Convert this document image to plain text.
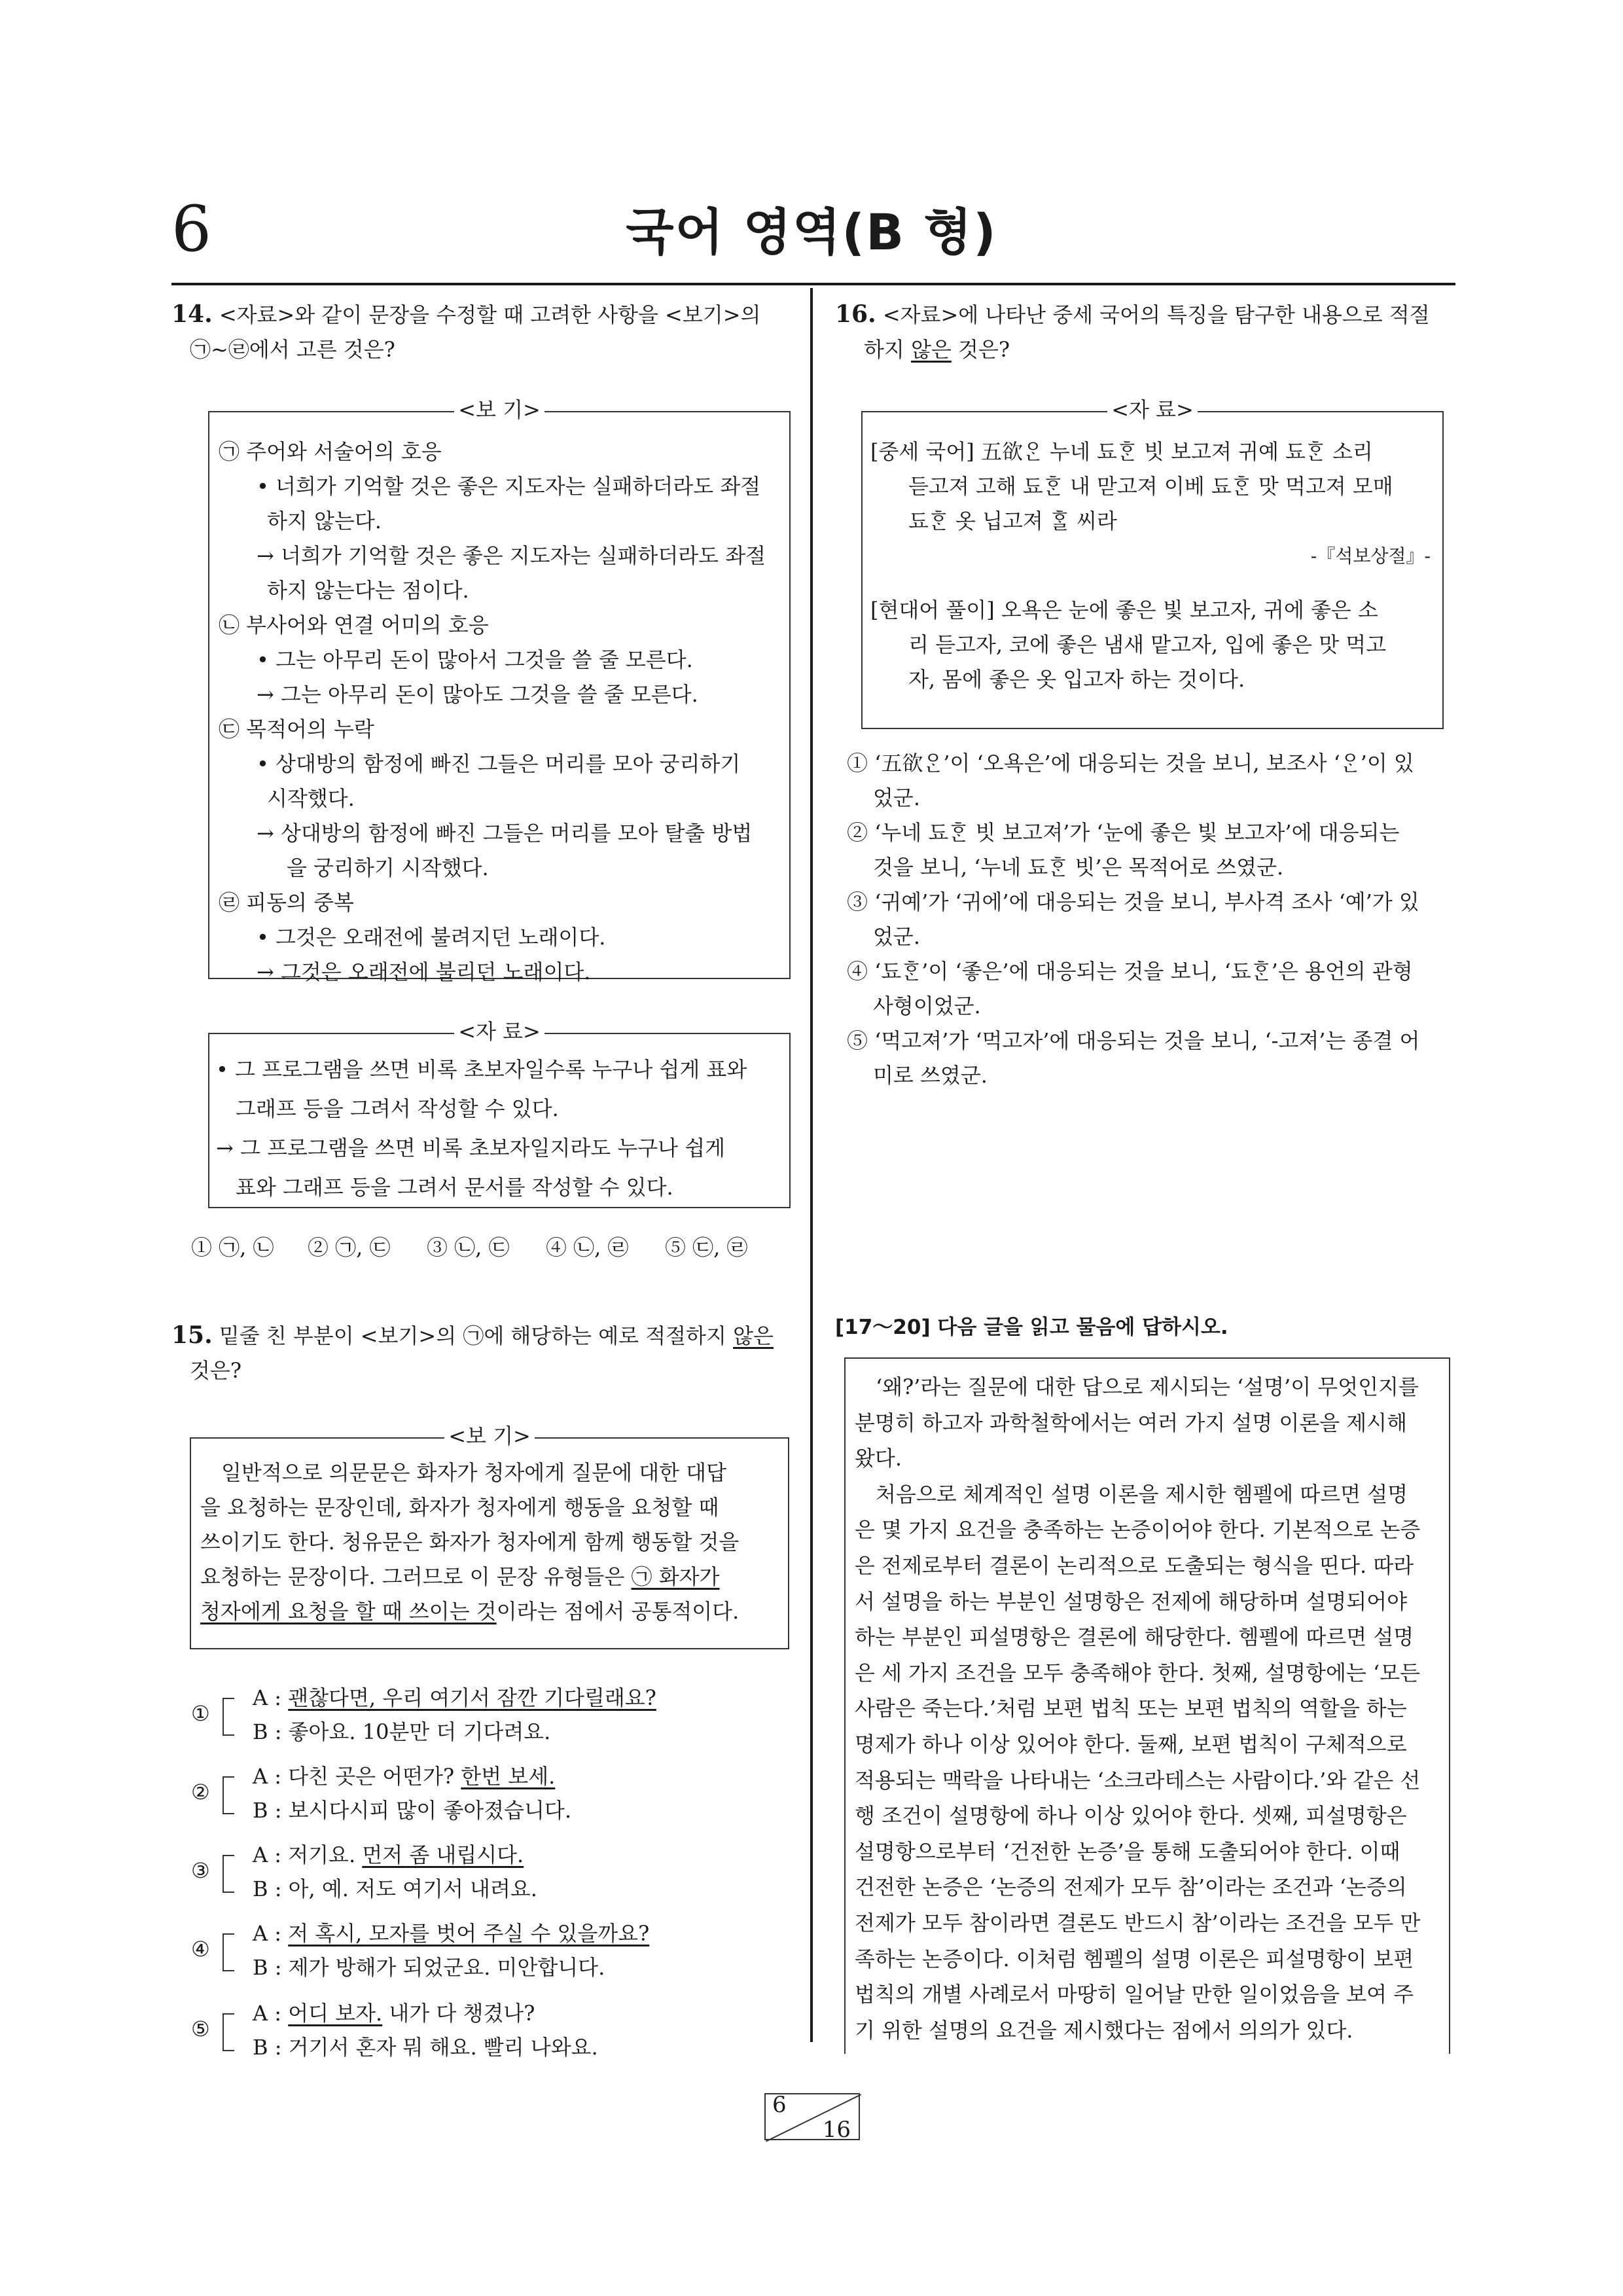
6	국어 영역(B 형)
14. <자료>와 같이 문장을 수정할 때 고려한 사항을 <보기>의
㉠~㉣에서 고른 것은?
<보 기>
㉠ 주어와 서술어의 호응
• 너희가 기억할 것은 좋은 지도자는 실패하더라도 좌절
하지 않는다.
→ 너희가 기억할 것은 좋은 지도자는 실패하더라도 좌절
하지 않는다는 점이다.
㉡ 부사어와 연결 어미의 호응
• 그는 아무리 돈이 많아서 그것을 쓸 줄 모른다.
→ 그는 아무리 돈이 많아도 그것을 쓸 줄 모른다.
㉢ 목적어의 누락
• 상대방의 함정에 빠진 그들은 머리를 모아 궁리하기
시작했다.
→ 상대방의 함정에 빠진 그들은 머리를 모아 탈출 방법
을 궁리하기 시작했다.
㉣ 피동의 중복
• 그것은 오래전에 불려지던 노래이다.
→ 그것은 오래전에 불리던 노래이다.
<자 료>
• 그 프로그램을 쓰면 비록 초보자일수록 누구나 쉽게 표와
그래프 등을 그려서 작성할 수 있다.
→ 그 프로그램을 쓰면 비록 초보자일지라도 누구나 쉽게
표와 그래프 등을 그려서 문서를 작성할 수 있다.
① ㉠, ㉡	② ㉠, ㉢	③ ㉡, ㉢	④ ㉡, ㉣	⑤ ㉢, ㉣
15. 밑줄 친 부분이 <보기>의 ㉠에 해당하는 예로 적절하지 않은
것은?
<보 기>
일반적으로 의문문은 화자가 청자에게 질문에 대한 대답
을 요청하는 문장인데, 화자가 청자에게 행동을 요청할 때
쓰이기도 한다. 청유문은 화자가 청자에게 함께 행동할 것을
요청하는 문장이다. 그러므로 이 문장 유형들은 ㉠ 화자가
청자에게 요청을 할 때 쓰이는 것이라는 점에서 공통적이다.
①
A : 괜찮다면, 우리 여기서 잠깐 기다릴래요?
B : 좋아요. 10분만 더 기다려요.
②
A : 다친 곳은 어떤가? 한번 보세.
B : 보시다시피 많이 좋아졌습니다.
③
A : 저기요. 먼저 좀 내립시다.
B : 아, 예. 저도 여기서 내려요.
④
A : 저 혹시, 모자를 벗어 주실 수 있을까요?
B : 제가 방해가 되었군요. 미안합니다.
⑤
A : 어디 보자. 내가 다 챙겼나?
B : 거기서 혼자 뭐 해요. 빨리 나와요.
16. <자료>에 나타난 중세 국어의 특징을 탐구한 내용으로 적절
하지 않은 것은?
<자 료>
[중세 국어] 五欲ᄋᆞᆫ 누네 됴ᄒᆞᆫ 빗 보고져 귀예 됴ᄒᆞᆫ 소리
듣고져 고해 됴ᄒᆞᆫ 내 맏고져 이베 됴ᄒᆞᆫ 맛 먹고져 모매
됴ᄒᆞᆫ 옷 닙고져 ᄒᆞᆯ 씨라
-『석보상절』-
[현대어 풀이] 오욕은 눈에 좋은 빛 보고자, 귀에 좋은 소
리 듣고자, 코에 좋은 냄새 맡고자, 입에 좋은 맛 먹고
자, 몸에 좋은 옷 입고자 하는 것이다.
① ‘五欲ᄋᆞᆫ’이 ‘오욕은’에 대응되는 것을 보니, 보조사 ‘ᄋᆞᆫ’이 있
었군.
② ‘누네 됴ᄒᆞᆫ 빗 보고져’가 ‘눈에 좋은 빛 보고자’에 대응되는
것을 보니, ‘누네 됴ᄒᆞᆫ 빗’은 목적어로 쓰였군.
③ ‘귀예’가 ‘귀에’에 대응되는 것을 보니, 부사격 조사 ‘예’가 있
었군.
④ ‘됴ᄒᆞᆫ’이 ‘좋은’에 대응되는 것을 보니, ‘됴ᄒᆞᆫ’은 용언의 관형
사형이었군.
⑤ ‘먹고져’가 ‘먹고자’에 대응되는 것을 보니, ‘-고져’는 종결 어
미로 쓰였군.
[17～20] 다음 글을 읽고 물음에 답하시오.
‘왜?’라는 질문에 대한 답으로 제시되는 ‘설명’이 무엇인지를
분명히 하고자 과학철학에서는 여러 가지 설명 이론을 제시해
왔다.
처음으로 체계적인 설명 이론을 제시한 헴펠에 따르면 설명
은 몇 가지 요건을 충족하는 논증이어야 한다. 기본적으로 논증
은 전제로부터 결론이 논리적으로 도출되는 형식을 띤다. 따라
서 설명을 하는 부분인 설명항은 전제에 해당하며 설명되어야
하는 부분인 피설명항은 결론에 해당한다. 헴펠에 따르면 설명
은 세 가지 조건을 모두 충족해야 한다. 첫째, 설명항에는 ‘모든
사람은 죽는다.’처럼 보편 법칙 또는 보편 법칙의 역할을 하는
명제가 하나 이상 있어야 한다. 둘째, 보편 법칙이 구체적으로
적용되는 맥락을 나타내는 ‘소크라테스는 사람이다.’와 같은 선
행 조건이 설명항에 하나 이상 있어야 한다. 셋째, 피설명항은
설명항으로부터 ‘건전한 논증’을 통해 도출되어야 한다. 이때
건전한 논증은 ‘논증의 전제가 모두 참’이라는 조건과 ‘논증의
전제가 모두 참이라면 결론도 반드시 참’이라는 조건을 모두 만
족하는 논증이다. 이처럼 헴펠의 설명 이론은 피설명항이 보편
법칙의 개별 사례로서 마땅히 일어날 만한 일이었음을 보여 주
기 위한 설명의 요건을 제시했다는 점에서 의의가 있다.
6
16
